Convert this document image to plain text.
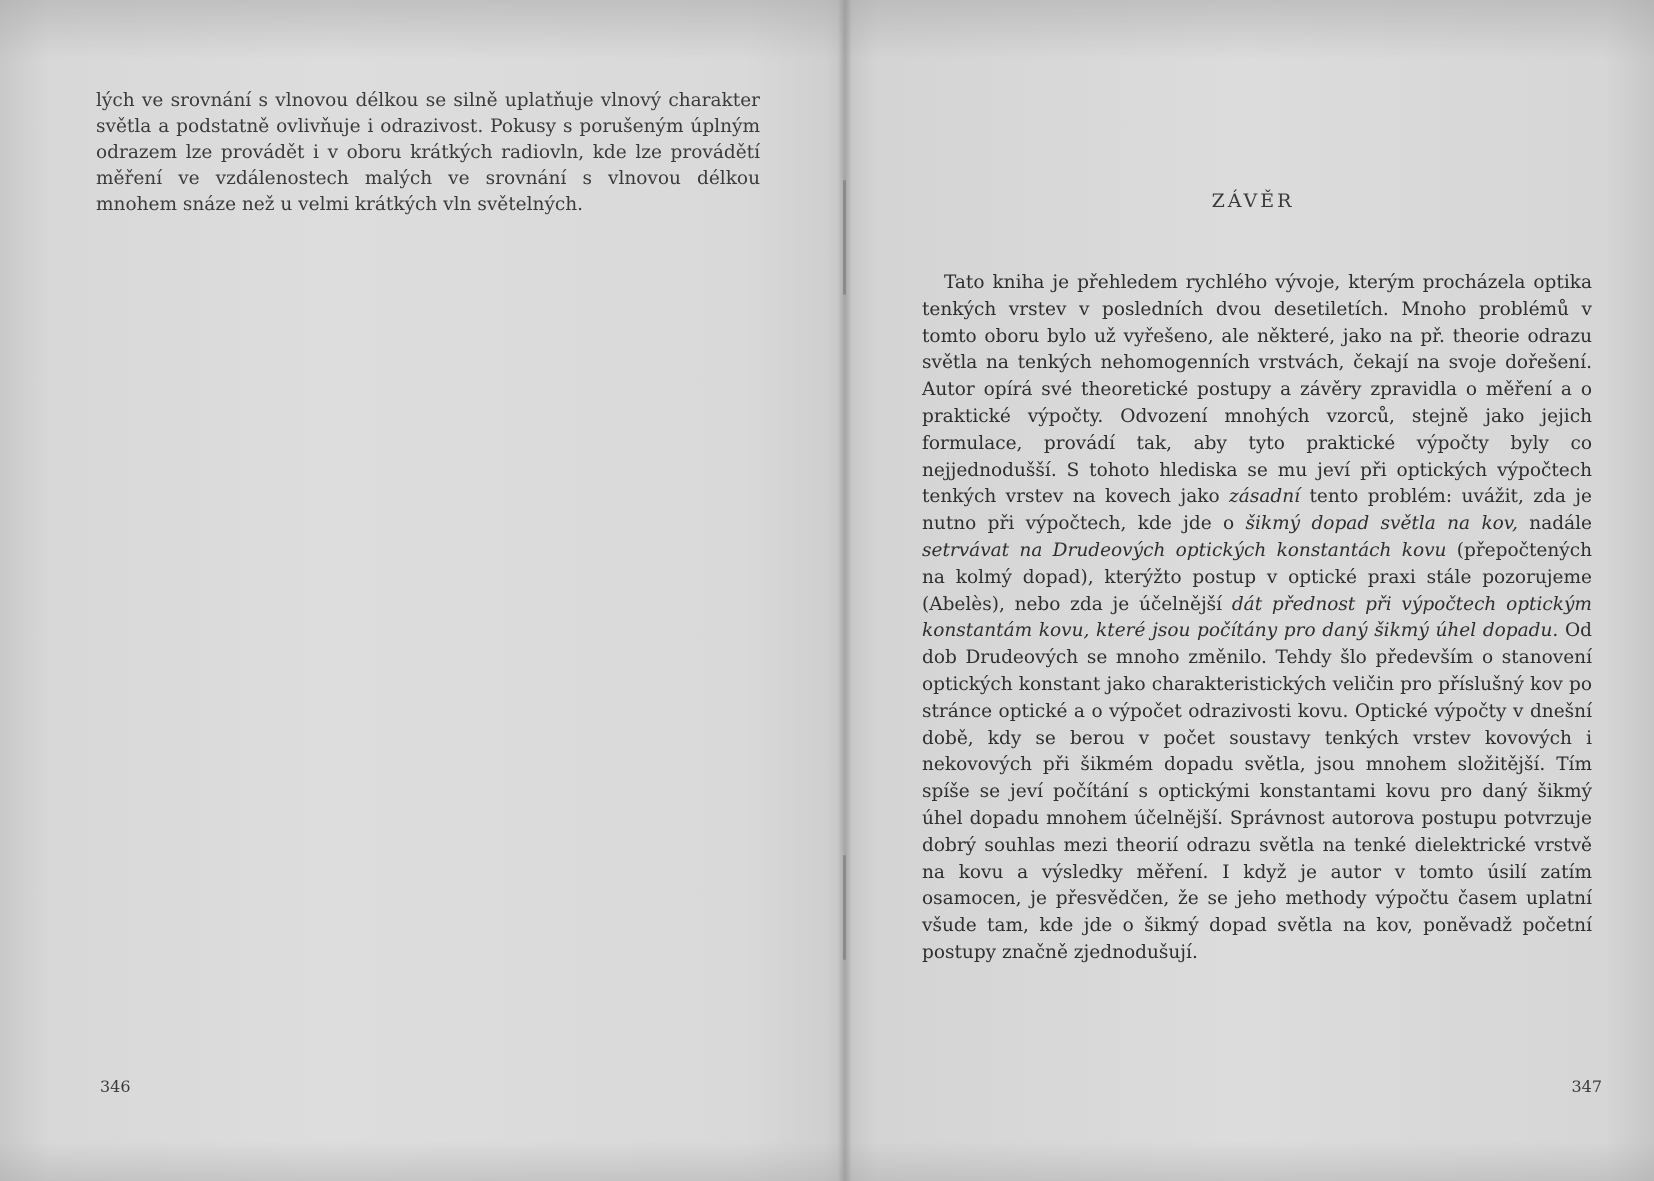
lých ve srovnání s vlnovou délkou se silně uplatňuje vlnový charakter světla a podstatně ovlivňuje i odrazivost. Pokusy s porušeným úplným odrazem lze provádět i v oboru krátkých radiovln, kde lze provádětí měření ve vzdálenostech malých ve srovnání s vlnovou délkou mnohem snáze než u velmi krátkých vln světelných.

346

ZÁVĚR

Tato kniha je přehledem rychlého vývoje, kterým procházela optika tenkých vrstev v posledních dvou desetiletích. Mnoho problémů v tomto oboru bylo už vyřešeno, ale některé, jako na př. theorie odrazu světla na tenkých nehomogenních vrstvách, čekají na svoje dořešení. Autor opírá své theoretické postupy a závěry zpravidla o měření a o praktické výpočty. Odvození mnohých vzorců, stejně jako jejich formulace, provádí tak, aby tyto praktické výpočty byly co nejjednodušší. S tohoto hlediska se mu jeví při optických výpočtech tenkých vrstev na kovech jako zásadní tento problém: uvážit, zda je nutno při výpočtech, kde jde o šikmý dopad světla na kov, nadále setrvávat na Drudeových optických konstantách kovu (přepočtených na kolmý dopad), kterýžto postup v optické praxi stále pozorujeme (Abelès), nebo zda je účelnější dát přednost při výpočtech optickým konstantám kovu, které jsou počítány pro daný šikmý úhel dopadu. Od dob Drudeových se mnoho změnilo. Tehdy šlo především o stanovení optických konstant jako charakteristických veličin pro příslušný kov po stránce optické a o výpočet odrazivosti kovu. Optické výpočty v dnešní době, kdy se berou v počet soustavy tenkých vrstev kovových i nekovových při šikmém dopadu světla, jsou mnohem složitější. Tím spíše se jeví počítání s optickými konstantami kovu pro daný šikmý úhel dopadu mnohem účelnější. Správnost autorova postupu potvrzuje dobrý souhlas mezi theorií odrazu světla na tenké dielektrické vrstvě na kovu a výsledky měření. I když je autor v tomto úsilí zatím osamocen, je přesvědčen, že se jeho methody výpočtu časem uplatní všude tam, kde jde o šikmý dopad světla na kov, poněvadž početní postupy značně zjednodušují.

347
